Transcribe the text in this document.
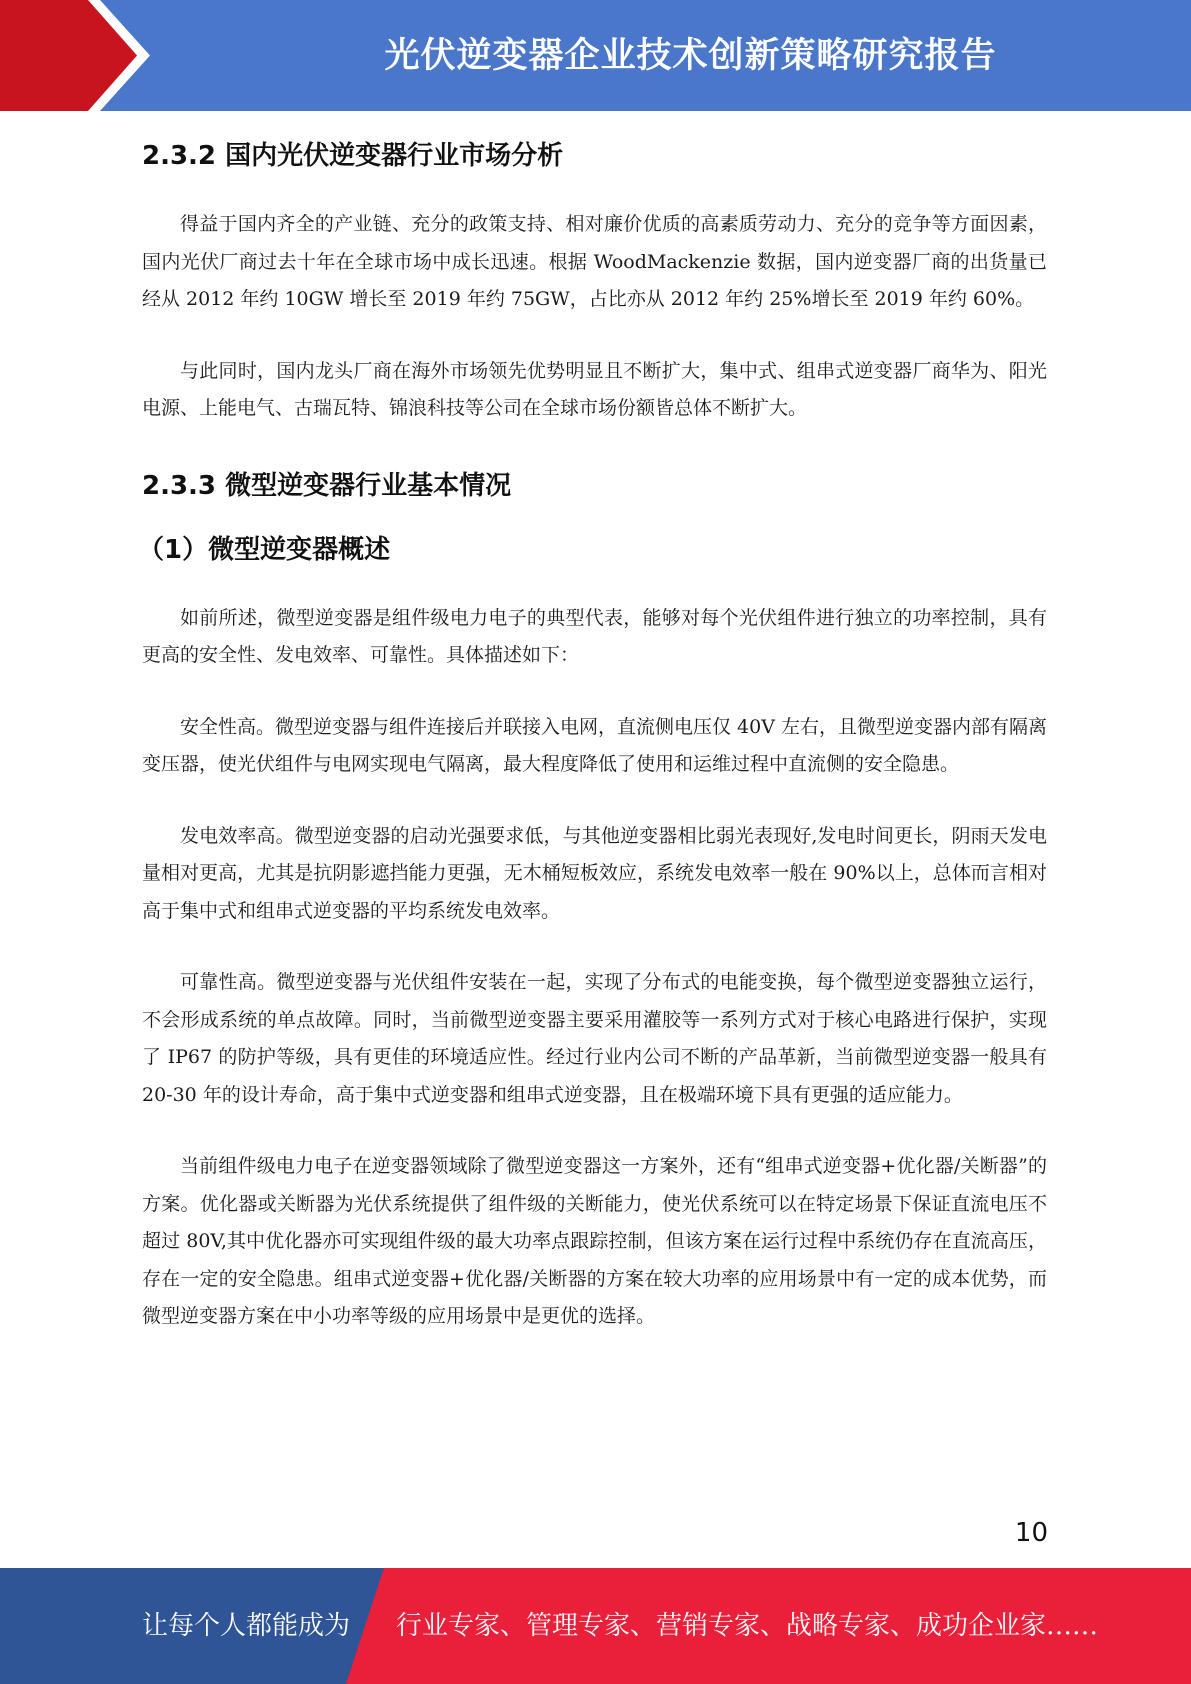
光伏逆变器企业技术创新策略研究报告
2.3.2 国内光伏逆变器行业市场分析

得益于国内齐全的产业链、充分的政策支持、相对廉价优质的高素质劳动力、充分的竞争等方面因素，国内光伏厂商过去十年在全球市场中成长迅速。根据 WoodMackenzie 数据，国内逆变器厂商的出货量已经从 2012 年约 10GW 增长至 2019 年约 75GW，占比亦从 2012 年约 25%增长至 2019 年约 60%。

与此同时，国内龙头厂商在海外市场领先优势明显且不断扩大，集中式、组串式逆变器厂商华为、阳光电源、上能电气、古瑞瓦特、锦浪科技等公司在全球市场份额皆总体不断扩大。

2.3.3 微型逆变器行业基本情况
（1）微型逆变器概述

如前所述，微型逆变器是组件级电力电子的典型代表，能够对每个光伏组件进行独立的功率控制，具有更高的安全性、发电效率、可靠性。具体描述如下：

安全性高。微型逆变器与组件连接后并联接入电网，直流侧电压仅 40V 左右，且微型逆变器内部有隔离变压器，使光伏组件与电网实现电气隔离，最大程度降低了使用和运维过程中直流侧的安全隐患。

发电效率高。微型逆变器的启动光强要求低，与其他逆变器相比弱光表现好,发电时间更长，阴雨天发电量相对更高，尤其是抗阴影遮挡能力更强，无木桶短板效应，系统发电效率一般在 90%以上，总体而言相对高于集中式和组串式逆变器的平均系统发电效率。

可靠性高。微型逆变器与光伏组件安装在一起，实现了分布式的电能变换，每个微型逆变器独立运行，不会形成系统的单点故障。同时，当前微型逆变器主要采用灌胶等一系列方式对于核心电路进行保护，实现了 IP67 的防护等级，具有更佳的环境适应性。经过行业内公司不断的产品革新，当前微型逆变器一般具有 20-30 年的设计寿命，高于集中式逆变器和组串式逆变器，且在极端环境下具有更强的适应能力。

当前组件级电力电子在逆变器领域除了微型逆变器这一方案外，还有“组串式逆变器+优化器/关断器”的方案。优化器或关断器为光伏系统提供了组件级的关断能力，使光伏系统可以在特定场景下保证直流电压不超过 80V,其中优化器亦可实现组件级的最大功率点跟踪控制，但该方案在运行过程中系统仍存在直流高压，存在一定的安全隐患。组串式逆变器+优化器/关断器的方案在较大功率的应用场景中有一定的成本优势，而微型逆变器方案在中小功率等级的应用场景中是更优的选择。

10
让每个人都能成为 行业专家、管理专家、营销专家、战略专家、成功企业家……
